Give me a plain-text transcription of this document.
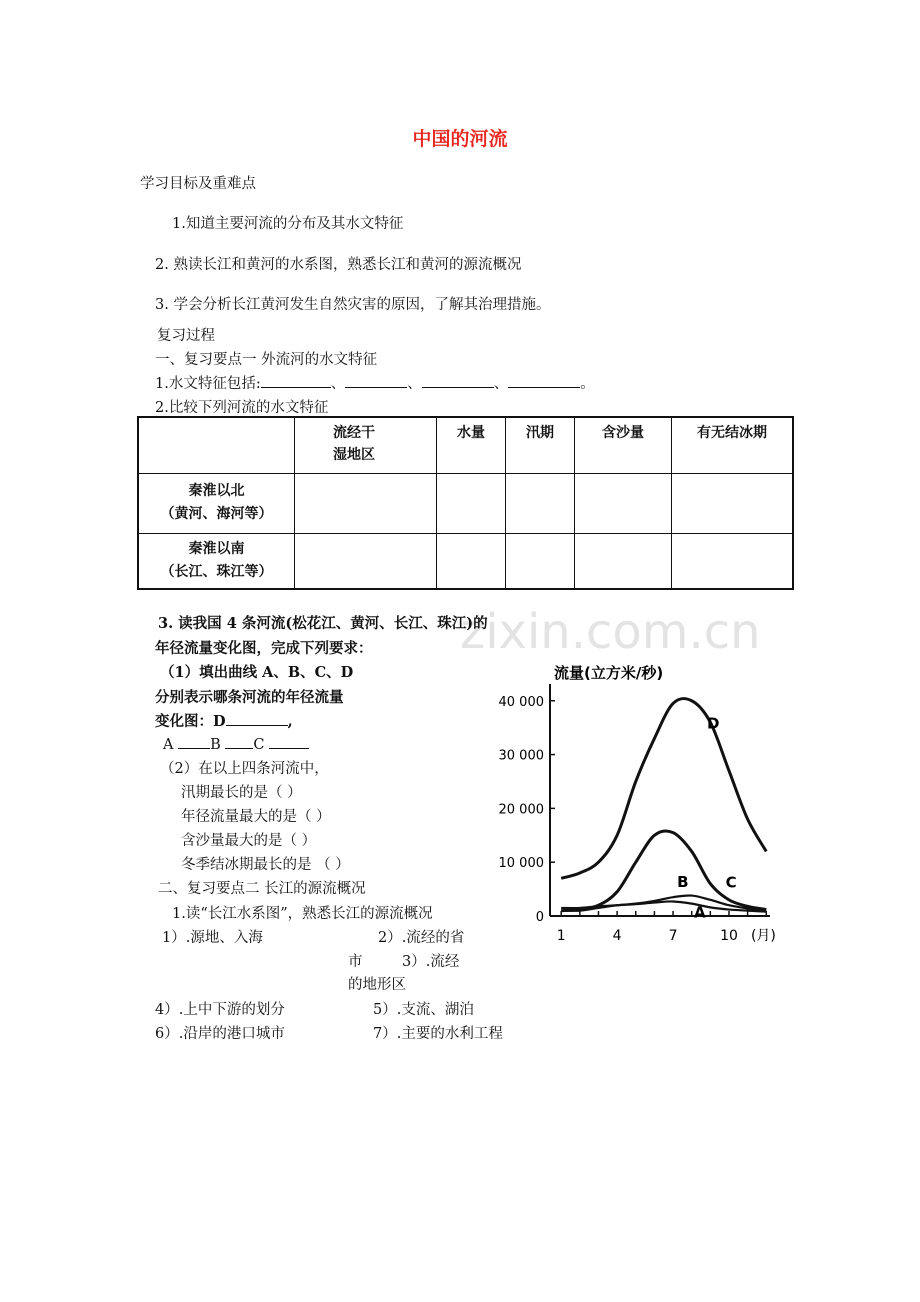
zixin.com.cn
中国的河流
学习目标及重难点
1.知道主要河流的分布及其水文特征
2. 熟读长江和黄河的水系图，熟悉长江和黄河的源流概况
3. 学会分析长江黄河发生自然灾害的原因，了解其治理措施。
复习过程
一、复习要点一 外流河的水文特征
1.水文特征包括:	、	、	、	。
2.比较下列河流的水文特征

	流经干
湿地区	水量	汛期	含沙量	有无结冰期

秦淮以北
（黄河、海河等）					

秦淮以南
（长江、珠江等）					

3. 读我国 4 条河流(松花江、黄河、长江、珠江)的
年径流量变化图，完成下列要求：
（1）填出曲线 A、B、C、D
分别表示哪条河流的年径流量
变化图：D	,
A	B C
（2）在以上四条河流中，
汛期最长的是（ ）
年径流量最大的是（ ）
含沙量最大的是（ ）
冬季结冰期最长的是 （ ）
二、复习要点二 长江的源流概况
1.读“长江水系图”，熟悉长江的源流概况
1）.源地、入海	2）.流经的省
市	3）.流经
的地形区
4）.上中下游的划分	5）.支流、湖泊
6）.沿岸的港口城市	7）.主要的水利工程
流量(立方米/秒)
0
10 000
20 000
30 000
40 000
1	4	7	10 (月)
D
C
B
A
